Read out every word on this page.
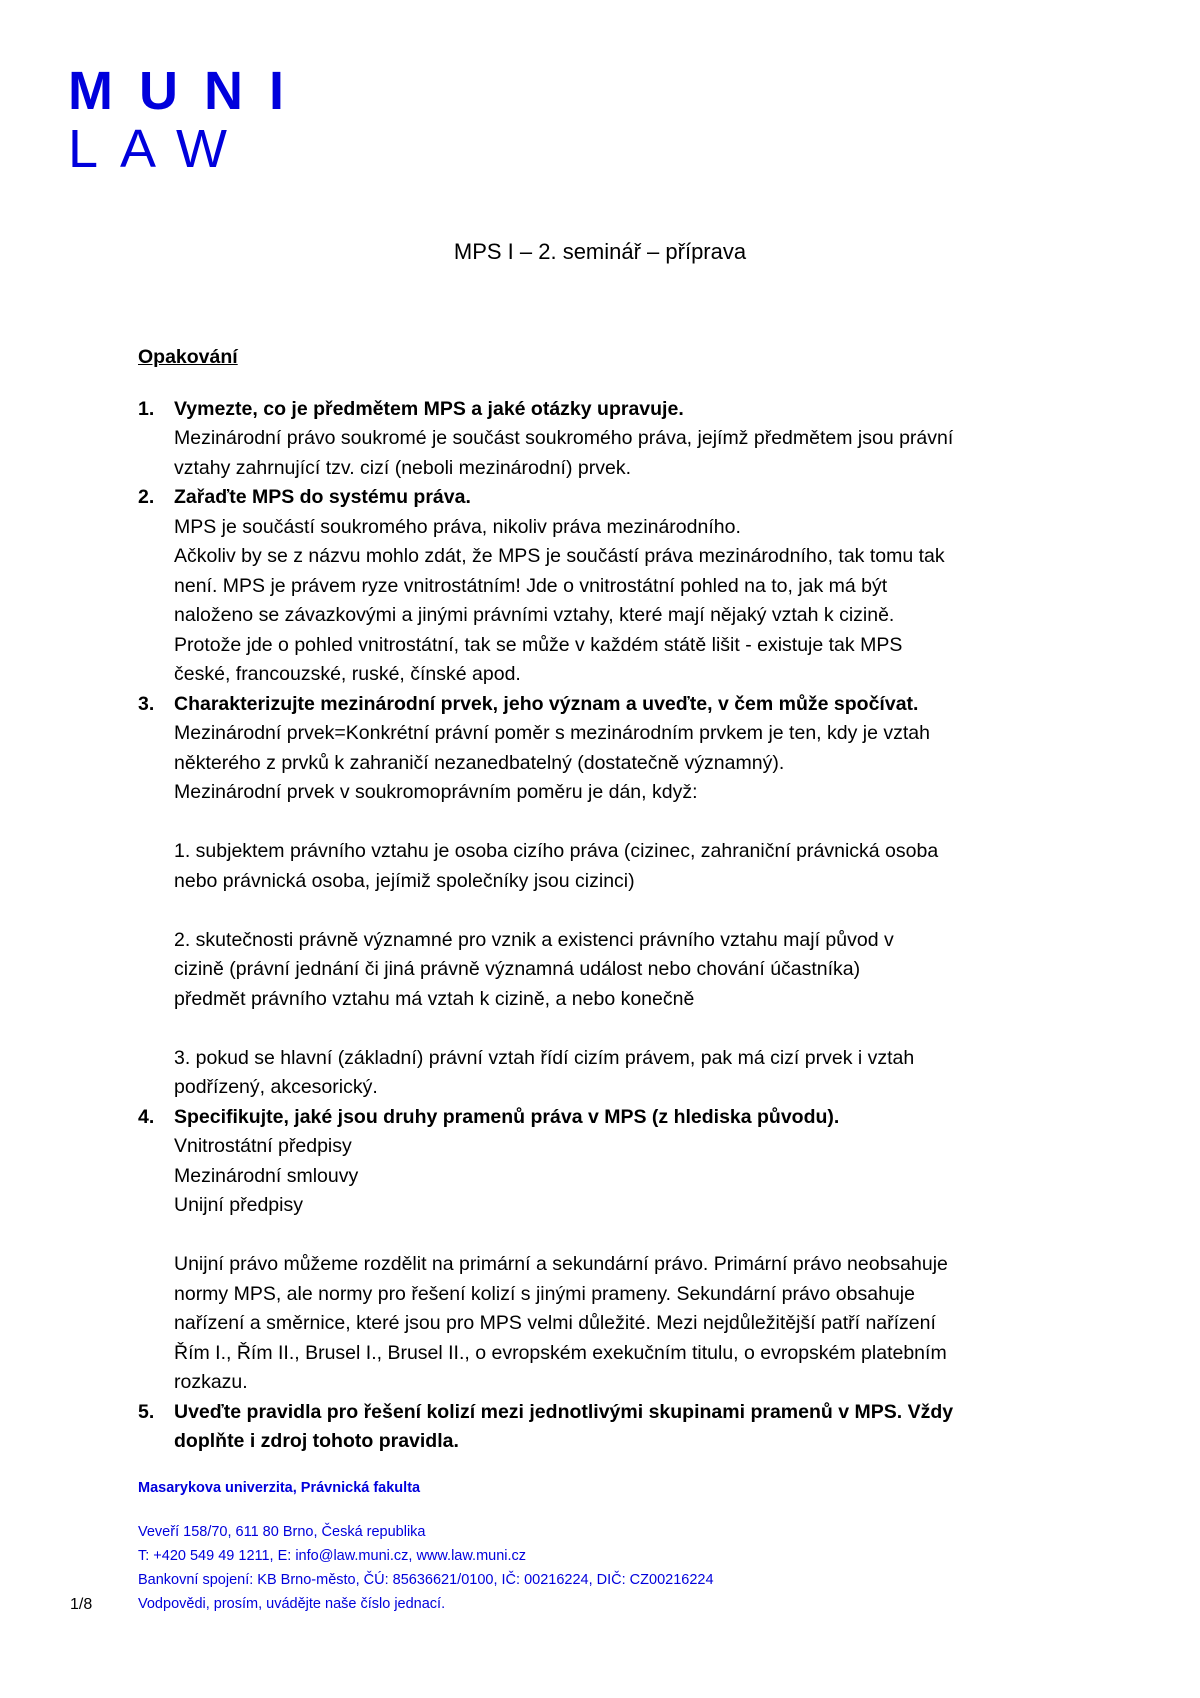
MUNI
LAW
MPS I – 2. seminář – příprava
Opakování
1. Vymezte, co je předmětem MPS a jaké otázky upravuje.
Mezinárodní právo soukromé je součást soukromého práva, jejímž předmětem jsou právní
vztahy zahrnující tzv. cizí (neboli mezinárodní) prvek.
2. Zařaďte MPS do systému práva.
MPS je součástí soukromého práva, nikoliv práva mezinárodního.
Ačkoliv by se z názvu mohlo zdát, že MPS je součástí práva mezinárodního, tak tomu tak
není. MPS je právem ryze vnitrostátním! Jde o vnitrostátní pohled na to, jak má být
naloženo se závazkovými a jinými právními vztahy, které mají nějaký vztah k cizině.
Protože jde o pohled vnitrostátní, tak se může v každém státě lišit - existuje tak MPS
české, francouzské, ruské, čínské apod.
3. Charakterizujte mezinárodní prvek, jeho význam a uveďte, v čem může spočívat.
Mezinárodní prvek=Konkrétní právní poměr s mezinárodním prvkem je ten, kdy je vztah
některého z prvků k zahraničí nezanedbatelný (dostatečně významný).
Mezinárodní prvek v soukromoprávním poměru je dán, když:
1. subjektem právního vztahu je osoba cizího práva (cizinec, zahraniční právnická osoba
nebo právnická osoba, jejímiž společníky jsou cizinci)
2. skutečnosti právně významné pro vznik a existenci právního vztahu mají původ v
cizině (právní jednání či jiná právně významná událost nebo chování účastníka)
předmět právního vztahu má vztah k cizině, a nebo konečně
3. pokud se hlavní (základní) právní vztah řídí cizím právem, pak má cizí prvek i vztah
podřízený, akcesorický.
4. Specifikujte, jaké jsou druhy pramenů práva v MPS (z hlediska původu).
Vnitrostátní předpisy
Mezinárodní smlouvy
Unijní předpisy
Unijní právo můžeme rozdělit na primární a sekundární právo. Primární právo neobsahuje
normy MPS, ale normy pro řešení kolizí s jinými prameny. Sekundární právo obsahuje
nařízení a směrnice, které jsou pro MPS velmi důležité. Mezi nejdůležitější patří nařízení
Řím I., Řím II., Brusel I., Brusel II., o evropském exekučním titulu, o evropském platebním
rozkazu.
5. Uveďte pravidla pro řešení kolizí mezi jednotlivými skupinami pramenů v MPS. Vždy
doplňte i zdroj tohoto pravidla.
Masarykova univerzita, Právnická fakulta
Veveří 158/70, 611 80 Brno, Česká republika
T: +420 549 49 1211, E: info@law.muni.cz, www.law.muni.cz
Bankovní spojení: KB Brno-město, ČÚ: 85636621/0100, IČ: 00216224, DIČ: CZ00216224
Vodpovědi, prosím, uvádějte naše číslo jednací.
1/8
